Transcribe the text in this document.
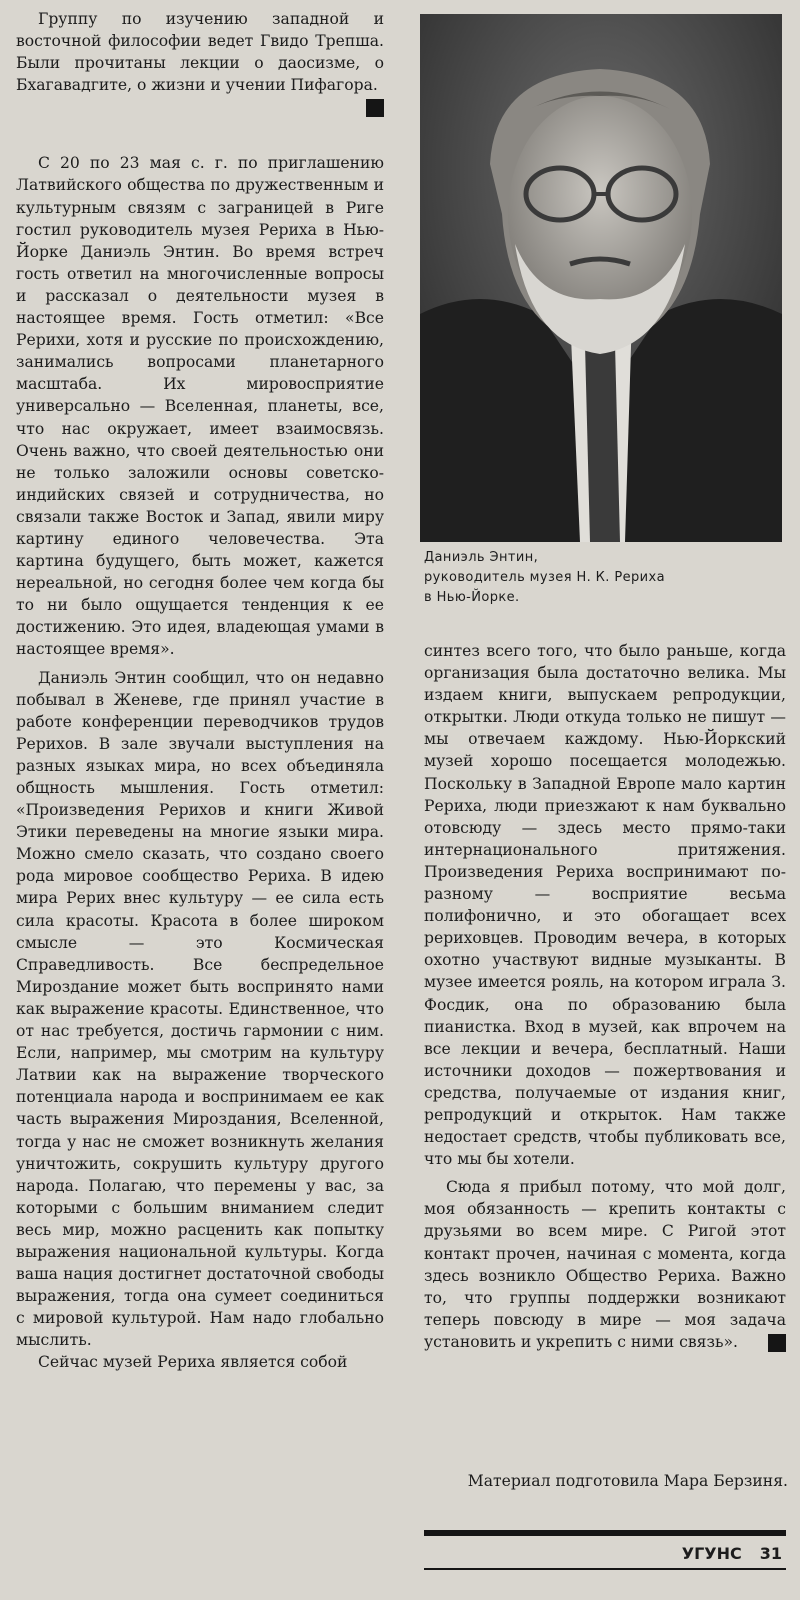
Группу по изучению западной и восточной философии ведет Гвидо Трепша. Были прочитаны лекции о даосизме, о Бхагавадгите, о жизни и учении Пифагора.

С 20 по 23 мая с. г. по приглашению Латвийского общества по дружественным и культурным связям с заграницей в Риге гостил руководитель музея Рериха в Нью-Йорке Даниэль Энтин. Во время встреч гость ответил на многочисленные вопросы и рассказал о деятельности музея в настоящее время. Гость отметил: «Все Рерихи, хотя и русские по происхождению, занимались вопросами планетарного масштаба. Их мировосприятие универсально — Вселенная, планеты, все, что нас окружает, имеет взаимосвязь. Очень важно, что своей деятельностью они не только заложили основы советско-индийских связей и сотрудничества, но связали также Восток и Запад, явили миру картину единого человечества. Эта картина будущего, быть может, кажется нереальной, но сегодня более чем когда бы то ни было ощущается тенденция к ее достижению. Это идея, владеющая умами в настоящее время».

Даниэль Энтин сообщил, что он недавно побывал в Женеве, где принял участие в работе конференции переводчиков трудов Рерихов. В зале звучали выступления на разных языках мира, но всех объединяла общность мышления. Гость отметил: «Произведения Рерихов и книги Живой Этики переведены на многие языки мира. Можно смело сказать, что создано своего рода мировое сообщество Рериха. В идею мира Рерих внес культуру — ее сила есть сила красоты. Красота в более широком смысле — это Космическая Справедливость. Все беспредельное Мироздание может быть воспринято нами как выражение красоты. Единственное, что от нас требуется, достичь гармонии с ним. Если, например, мы смотрим на культуру Латвии как на выражение творческого потенциала народа и воспринимаем ее как часть выражения Мироздания, Вселенной, тогда у нас не сможет возникнуть желания уничтожить, сокрушить культуру другого народа. Полагаю, что перемены у вас, за которыми с большим вниманием следит весь мир, можно расценить как попытку выражения национальной культуры. Когда ваша нация достигнет достаточной свободы выражения, тогда она сумеет соединиться с мировой культурой. Нам надо глобально мыслить.

Сейчас музей Рериха является собой

Даниэль Энтин,
руководитель музея Н. К. Рериха
в Нью-Йорке.

синтез всего того, что было раньше, когда организация была достаточно велика. Мы издаем книги, выпускаем репродукции, открытки. Люди откуда только не пишут — мы отвечаем каждому. Нью-Йоркский музей хорошо посещается молодежью. Поскольку в Западной Европе мало картин Рериха, люди приезжают к нам буквально отовсюду — здесь место прямо-таки интернационального притяжения. Произведения Рериха воспринимают по-разному — восприятие весьма полифонично, и это обогащает всех рериховцев. Проводим вечера, в которых охотно участвуют видные музыканты. В музее имеется рояль, на котором играла З. Фосдик, она по образованию была пианистка. Вход в музей, как впрочем на все лекции и вечера, бесплатный. Наши источники доходов — пожертвования и средства, получаемые от издания книг, репродукций и открыток. Нам также недостает средств, чтобы публиковать все, что мы бы хотели.

Сюда я прибыл потому, что мой долг, моя обязанность — крепить контакты с друзьями во всем мире. С Ригой этот контакт прочен, начиная с момента, когда здесь возникло Общество Рериха. Важно то, что группы поддержки возникают теперь повсюду в мире — моя задача установить и укрепить с ними связь».

Материал подготовила Мара Берзиня.
УГУНС 31
